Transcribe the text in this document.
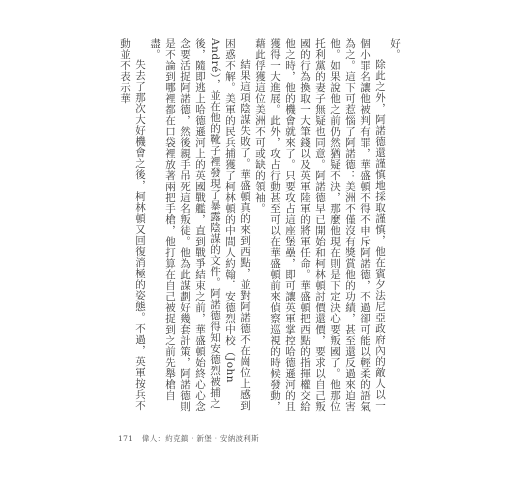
好。

除此之外，阿諾德還謹慎地採取謹慎，他在賓夕法尼亞政府內的敵人以一個小罪名讓他被判有罪，華盛頓不得不申斥阿諾德，不過卻可能以輕柔的語氣為之。這下可惹惱了阿諾德：美洲不僅沒有獎賞他的功績，甚至還反過來迫害他。如果說他之前仍然猶疑不決，那麼他現在則是下定決心要叛國了。他那位托利黨的妻子無疑也同意。阿諾德早已開始和柯林頓討價還價，要求以自己叛國的行為換取一大筆錢以及英軍陸軍的將軍任命。華盛頓把西點的指揮權交給他之時，他的機會就來了。只要攻占這座堡壘，即可讓英軍掌控哈德遜河的且獲得一大進展。此外，攻占行動甚至可以在華盛頓前來偵察巡視的時候發動，藉此俘獲這位美洲不可或缺的領袖。

結果這項陰謀失敗了。華盛頓真的來到西點，並對阿諾德不在崗位上感到困惑不解。美軍的民兵捕獲了柯林頓的中間人約翰．安德烈中校（John André），並在他的靴子裡發現了暴露陰謀的文件。阿諾德得知安德烈被捕之後，隨即逃上哈德遜河上的英國戰艦，直到戰爭結束之前，華盛頓始終心心念念要活捉阿諾德，然後親手吊死這名叛徒。他為此謀劃好幾套計策，阿諾德則是不論到哪裡都在口袋裡放著兩把手槍，他打算在自己被捉到之前先舉槍自盡。

失去了那次大好機會之後，柯林頓又回復消極的姿態。不過，英軍按兵不動並不表示華

171 偉人：約克鎮‧新堡‧安納波利斯
